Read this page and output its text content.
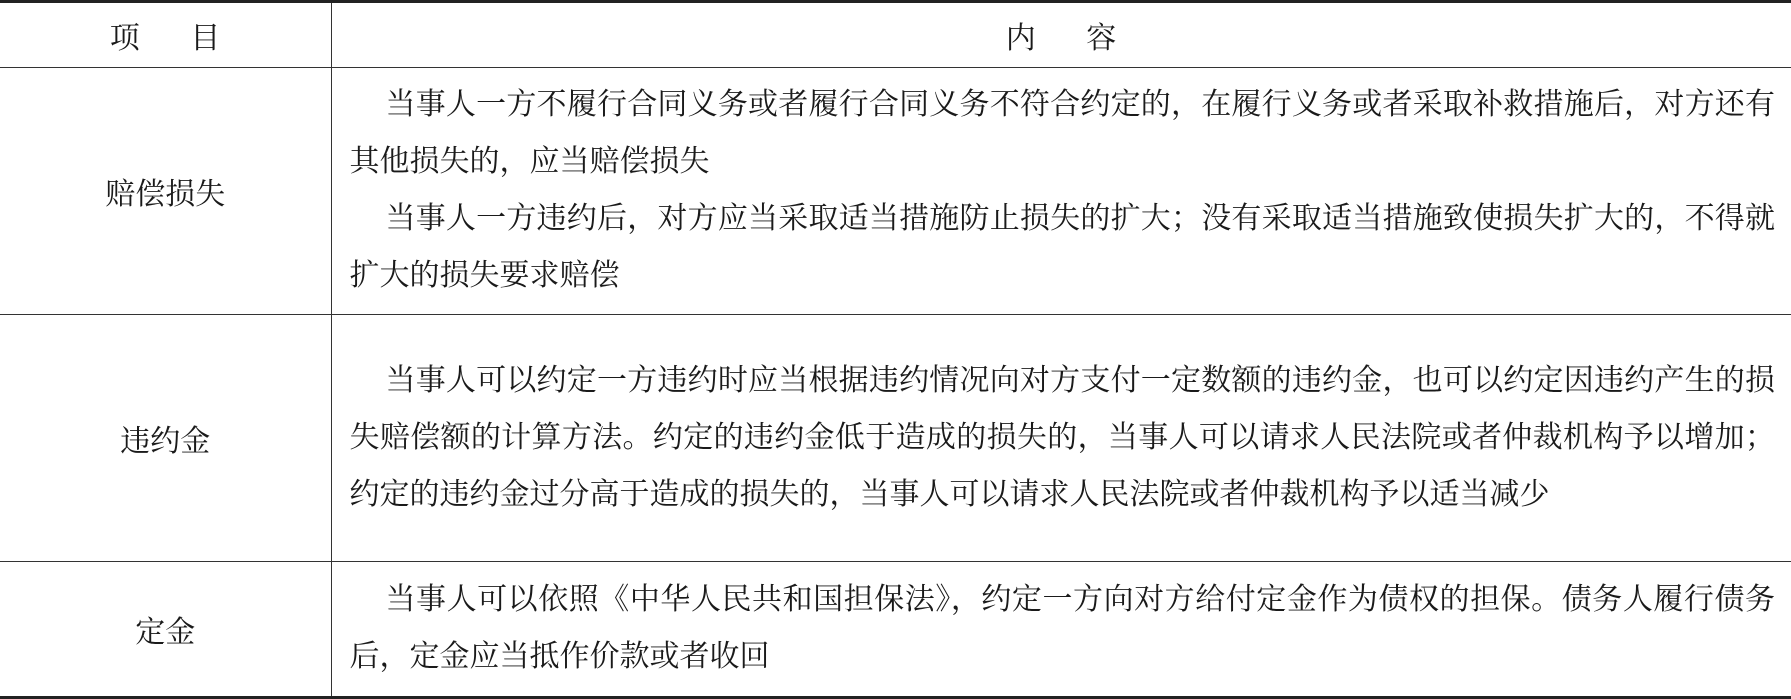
项 目	内 容
赔偿损失	当事人一方不履行合同义务或者履行合同义务不符合约定的，在履行义务或者采取补救措施后，对方还有其他损失的，应当赔偿损失

当事人一方违约后，对方应当采取适当措施防止损失的扩大；没有采取适当措施致使损失扩大的，不得就扩大的损失要求赔偿

违约金	当事人可以约定一方违约时应当根据违约情况向对方支付一定数额的违约金，也可以约定因违约产生的损失赔偿额的计算方法。约定的违约金低于造成的损失的，当事人可以请求人民法院或者仲裁机构予以增加；约定的违约金过分高于造成的损失的，当事人可以请求人民法院或者仲裁机构予以适当减少

定金	当事人可以依照《中华人民共和国担保法》，约定一方向对方给付定金作为债权的担保。债务人履行债务后，定金应当抵作价款或者收回
